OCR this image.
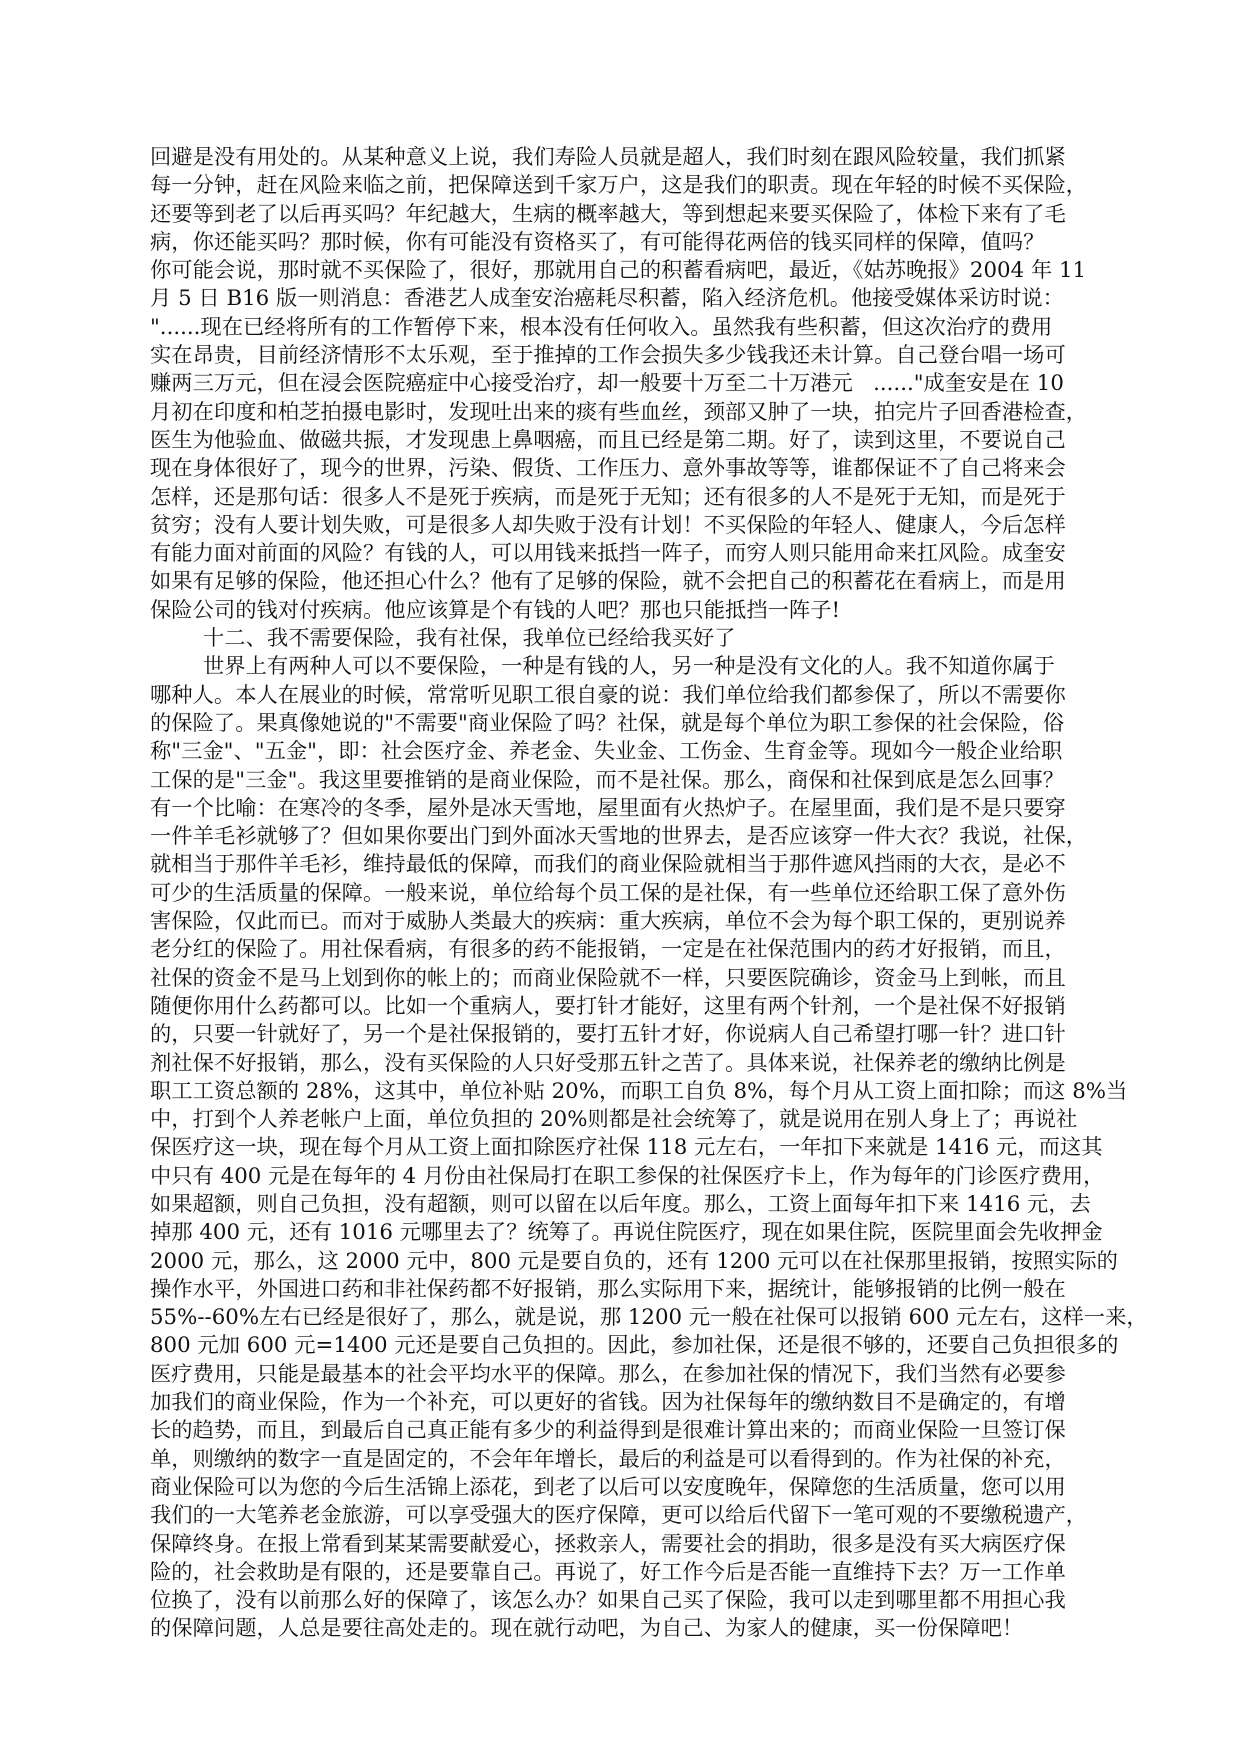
回避是没有用处的。从某种意义上说，我们寿险人员就是超人，我们时刻在跟风险较量，我们抓紧
每一分钟，赶在风险来临之前，把保障送到千家万户，这是我们的职责。现在年轻的时候不买保险，
还要等到老了以后再买吗？年纪越大，生病的概率越大，等到想起来要买保险了，体检下来有了毛
病，你还能买吗？那时候，你有可能没有资格买了，有可能得花两倍的钱买同样的保障，值吗？
你可能会说，那时就不买保险了，很好，那就用自己的积蓄看病吧，最近，《姑苏晚报》2004 年 11
月 5 日 B16 版一则消息：香港艺人成奎安治癌耗尽积蓄，陷入经济危机。他接受媒体采访时说：
"......现在已经将所有的工作暂停下来，根本没有任何收入。虽然我有些积蓄，但这次治疗的费用
实在昂贵，目前经济情形不太乐观，至于推掉的工作会损失多少钱我还未计算。自己登台唱一场可
赚两三万元，但在浸会医院癌症中心接受治疗，却一般要十万至二十万港元   ......"成奎安是在 10
月初在印度和柏芝拍摄电影时，发现吐出来的痰有些血丝，颈部又肿了一块，拍完片子回香港检查，
医生为他验血、做磁共振，才发现患上鼻咽癌，而且已经是第二期。好了，读到这里，不要说自己
现在身体很好了，现今的世界，污染、假货、工作压力、意外事故等等，谁都保证不了自己将来会
怎样，还是那句话：很多人不是死于疾病，而是死于无知；还有很多的人不是死于无知，而是死于
贫穷；没有人要计划失败，可是很多人却失败于没有计划！不买保险的年轻人、健康人，今后怎样
有能力面对前面的风险？有钱的人，可以用钱来抵挡一阵子，而穷人则只能用命来扛风险。成奎安
如果有足够的保险，他还担心什么？他有了足够的保险，就不会把自己的积蓄花在看病上，而是用
保险公司的钱对付疾病。他应该算是个有钱的人吧？那也只能抵挡一阵子!
十二、我不需要保险，我有社保，我单位已经给我买好了
世界上有两种人可以不要保险，一种是有钱的人，另一种是没有文化的人。我不知道你属于
哪种人。本人在展业的时候，常常听见职工很自豪的说：我们单位给我们都参保了，所以不需要你
的保险了。果真像她说的"不需要"商业保险了吗？社保，就是每个单位为职工参保的社会保险，俗
称"三金"、"五金"，即：社会医疗金、养老金、失业金、工伤金、生育金等。现如今一般企业给职
工保的是"三金"。我这里要推销的是商业保险，而不是社保。那么，商保和社保到底是怎么回事？
有一个比喻：在寒冷的冬季，屋外是冰天雪地，屋里面有火热炉子。在屋里面，我们是不是只要穿
一件羊毛衫就够了？但如果你要出门到外面冰天雪地的世界去，是否应该穿一件大衣？我说，社保，
就相当于那件羊毛衫，维持最低的保障，而我们的商业保险就相当于那件遮风挡雨的大衣，是必不
可少的生活质量的保障。一般来说，单位给每个员工保的是社保，有一些单位还给职工保了意外伤
害保险，仅此而已。而对于威胁人类最大的疾病：重大疾病，单位不会为每个职工保的，更别说养
老分红的保险了。用社保看病，有很多的药不能报销，一定是在社保范围内的药才好报销，而且，
社保的资金不是马上划到你的帐上的；而商业保险就不一样，只要医院确诊，资金马上到帐，而且
随便你用什么药都可以。比如一个重病人，要打针才能好，这里有两个针剂，一个是社保不好报销
的，只要一针就好了，另一个是社保报销的，要打五针才好，你说病人自己希望打哪一针？进口针
剂社保不好报销，那么，没有买保险的人只好受那五针之苦了。具体来说，社保养老的缴纳比例是
职工工资总额的 28%，这其中，单位补贴 20%，而职工自负 8%，每个月从工资上面扣除；而这 8%当
中，打到个人养老帐户上面，单位负担的 20%则都是社会统筹了，就是说用在别人身上了；再说社
保医疗这一块，现在每个月从工资上面扣除医疗社保 118 元左右，一年扣下来就是 1416 元，而这其
中只有 400 元是在每年的 4 月份由社保局打在职工参保的社保医疗卡上，作为每年的门诊医疗费用，
如果超额，则自己负担，没有超额，则可以留在以后年度。那么，工资上面每年扣下来 1416 元，去
掉那 400 元，还有 1016 元哪里去了？统筹了。再说住院医疗，现在如果住院，医院里面会先收押金
2000 元，那么，这 2000 元中，800 元是要自负的，还有 1200 元可以在社保那里报销，按照实际的
操作水平，外国进口药和非社保药都不好报销，那么实际用下来，据统计，能够报销的比例一般在
55%--60%左右已经是很好了，那么，就是说，那 1200 元一般在社保可以报销 600 元左右，这样一来，
800 元加 600 元=1400 元还是要自己负担的。因此，参加社保，还是很不够的，还要自己负担很多的
医疗费用，只能是最基本的社会平均水平的保障。那么，在参加社保的情况下，我们当然有必要参
加我们的商业保险，作为一个补充，可以更好的省钱。因为社保每年的缴纳数目不是确定的，有增
长的趋势，而且，到最后自己真正能有多少的利益得到是很难计算出来的；而商业保险一旦签订保
单，则缴纳的数字一直是固定的，不会年年增长，最后的利益是可以看得到的。作为社保的补充，
商业保险可以为您的今后生活锦上添花，到老了以后可以安度晚年，保障您的生活质量，您可以用
我们的一大笔养老金旅游，可以享受强大的医疗保障，更可以给后代留下一笔可观的不要缴税遗产，
保障终身。在报上常看到某某需要献爱心，拯救亲人，需要社会的捐助，很多是没有买大病医疗保
险的，社会救助是有限的，还是要靠自己。再说了，好工作今后是否能一直维持下去？万一工作单
位换了，没有以前那么好的保障了，该怎么办？如果自己买了保险，我可以走到哪里都不用担心我
的保障问题，人总是要往高处走的。现在就行动吧，为自己、为家人的健康，买一份保障吧！
